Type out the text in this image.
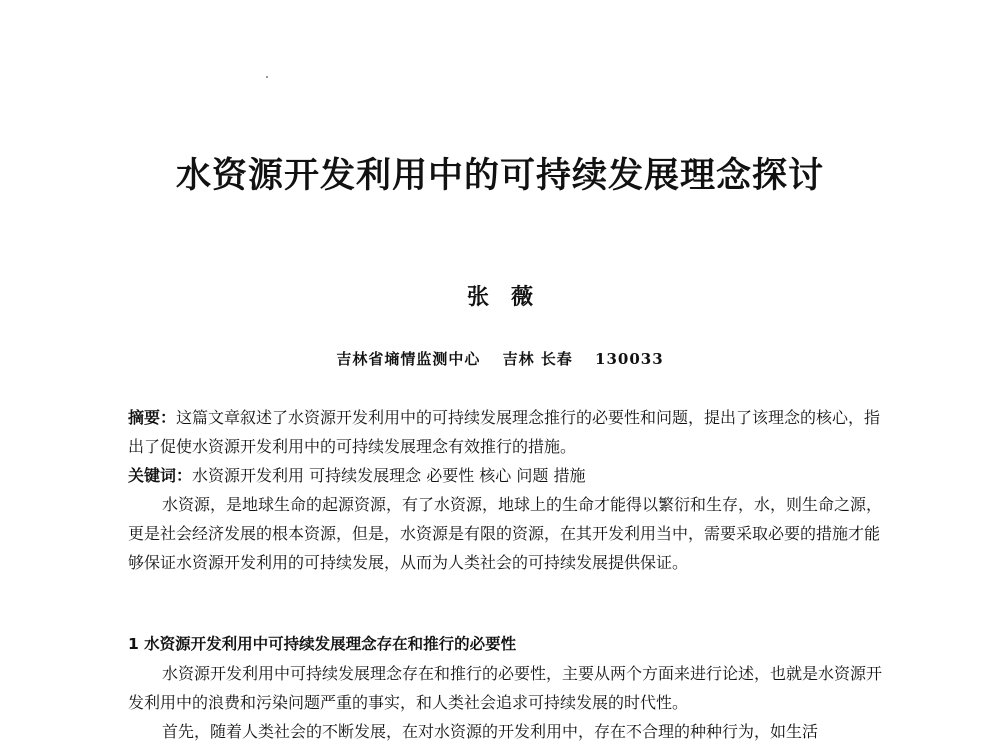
水资源开发利用中的可持续发展理念探讨
张　薇
吉林省墒情监测中心 吉林 长春 130033
摘要：这篇文章叙述了水资源开发利用中的可持续发展理念推行的必要性和问题，提出了该理念的核心，指出了促使水资源开发利用中的可持续发展理念有效推行的措施。
关键词：水资源开发利用 可持续发展理念 必要性 核心 问题 措施
水资源，是地球生命的起源资源，有了水资源，地球上的生命才能得以繁衍和生存，水，则生命之源，更是社会经济发展的根本资源，但是，水资源是有限的资源，在其开发利用当中，需要采取必要的措施才能够保证水资源开发利用的可持续发展，从而为人类社会的可持续发展提供保证。
1 水资源开发利用中可持续发展理念存在和推行的必要性
水资源开发利用中可持续发展理念存在和推行的必要性，主要从两个方面来进行论述，也就是水资源开发利用中的浪费和污染问题严重的事实，和人类社会追求可持续发展的时代性。
首先，随着人类社会的不断发展，在对水资源的开发利用中，存在不合理的种种行为，如生活
